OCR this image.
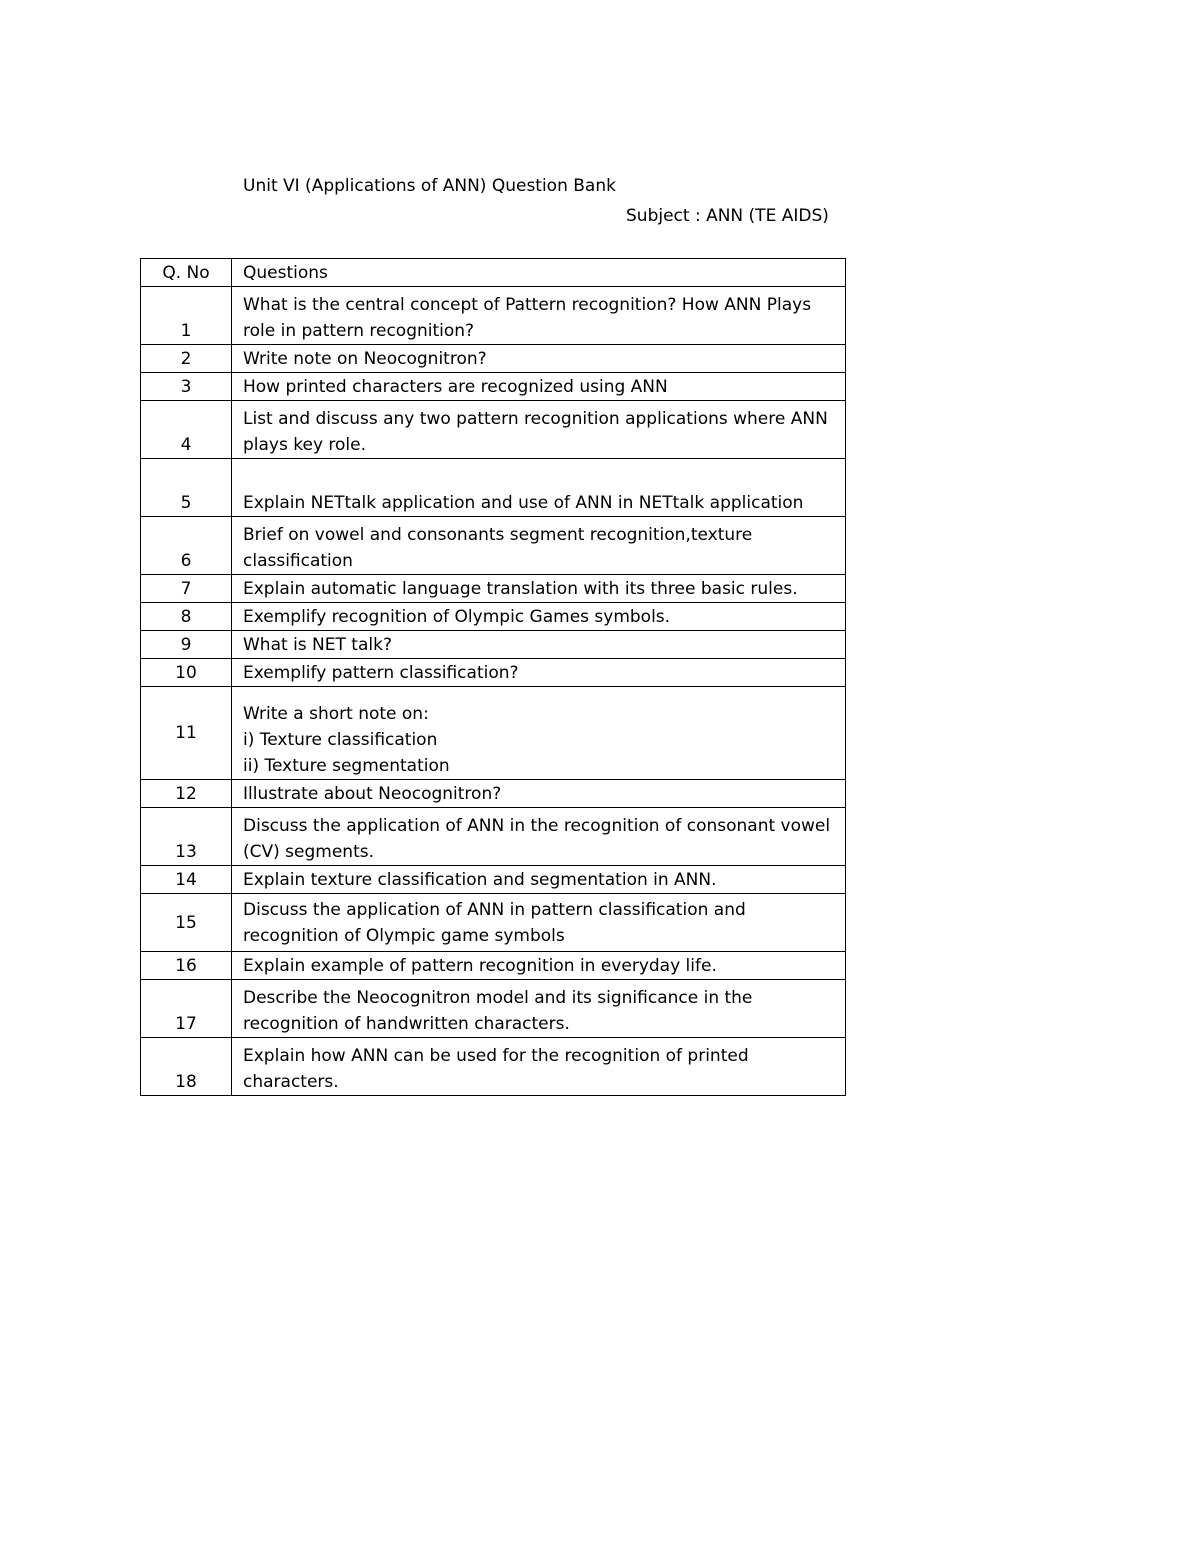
Unit VI (Applications of ANN) Question Bank
Subject : ANN (TE AIDS)
Q. No	Questions
1	What is the central concept of Pattern recognition? How ANN Plays role in pattern recognition?
2	Write note on Neocognitron?
3	How printed characters are recognized using ANN
4	List and discuss any two pattern recognition applications where ANN plays key role.
5	Explain NETtalk application and use of ANN in NETtalk application
6	Brief on vowel and consonants segment recognition,texture classification
7	Explain automatic language translation with its three basic rules.
8	Exemplify recognition of Olympic Games symbols.
9	What is NET talk?
10	Exemplify pattern classification?
11	Write a short note on:
i) Texture classification
ii) Texture segmentation
12	Illustrate about Neocognitron?
13	Discuss the application of ANN in the recognition of consonant vowel (CV) segments.
14	Explain texture classification and segmentation in ANN.
15	Discuss the application of ANN in pattern classification and recognition of Olympic game symbols
16	Explain example of pattern recognition in everyday life.
17	Describe the Neocognitron model and its significance in the recognition of handwritten characters.
18	Explain how ANN can be used for the recognition of printed characters.
